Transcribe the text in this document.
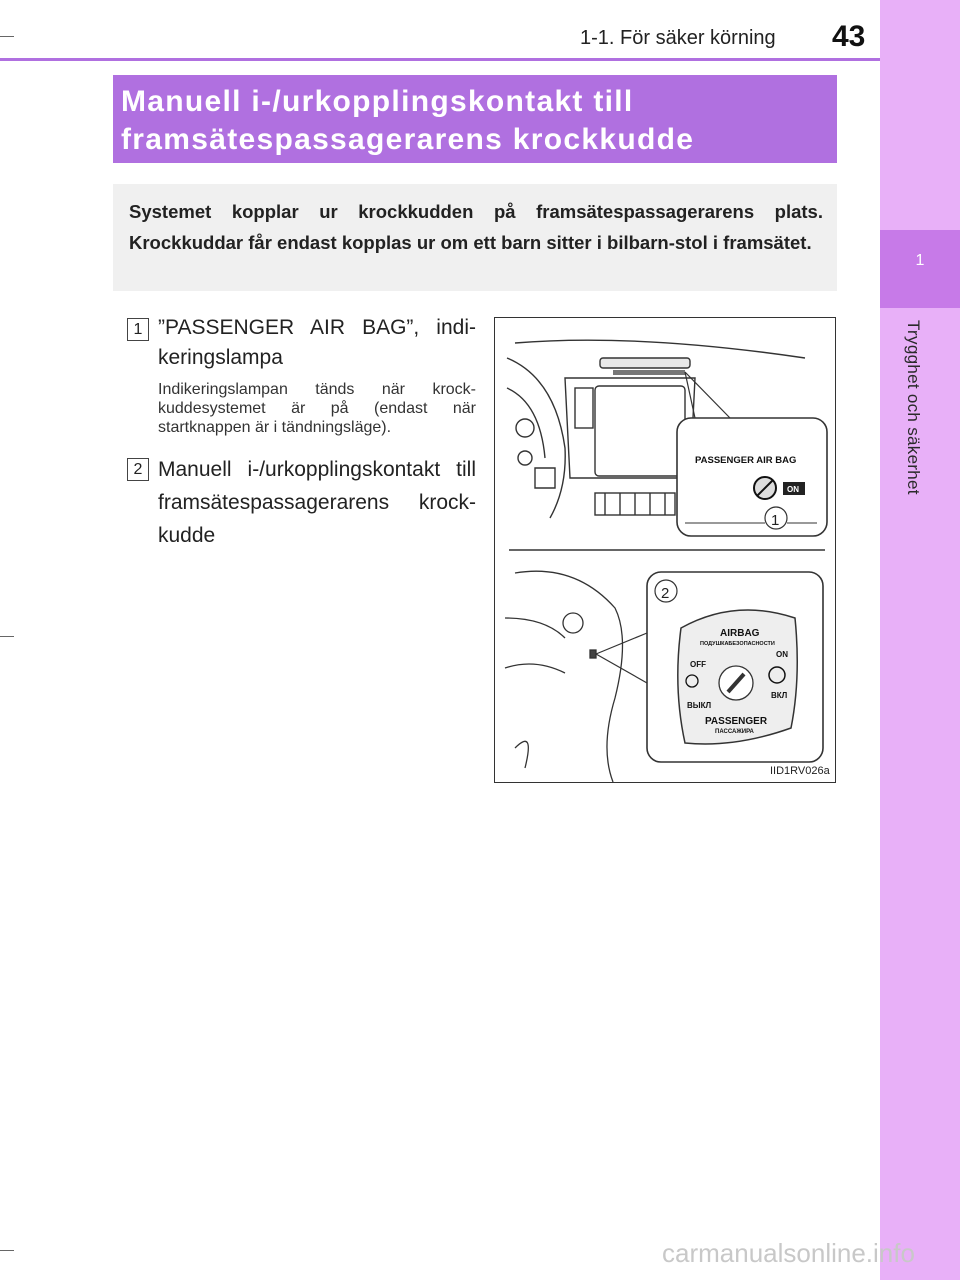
1-1. För säker körning 43
1
Trygghet och säkerhet
Manuell i-/urkopplingskontakt till
framsätespassagerarens krockkudde
Systemet kopplar ur krockkudden på framsätespassagerarens plats. Krockkuddar får endast kopplas ur om ett barn sitter i bilbarn-stol i framsätet.
1 ”PASSENGER AIR BAG”, indi-
keringslampa
Indikeringslampan tänds när krock-
kuddesystemet är på (endast när
startknappen är i tändningsläge).
2 Manuell i-/urkopplingskontakt till
framsätespassagerarens krock-
kudde
PASSENGER AIR BAG
ON
1
2
AIRBAG
ПОДУШКАБЕЗОПАСНОСТИ
OFF
ON
ВЫКЛ
ВКЛ
PASSENGER
ПАССАЖИРА
IID1RV026a
carmanualsonline.info
